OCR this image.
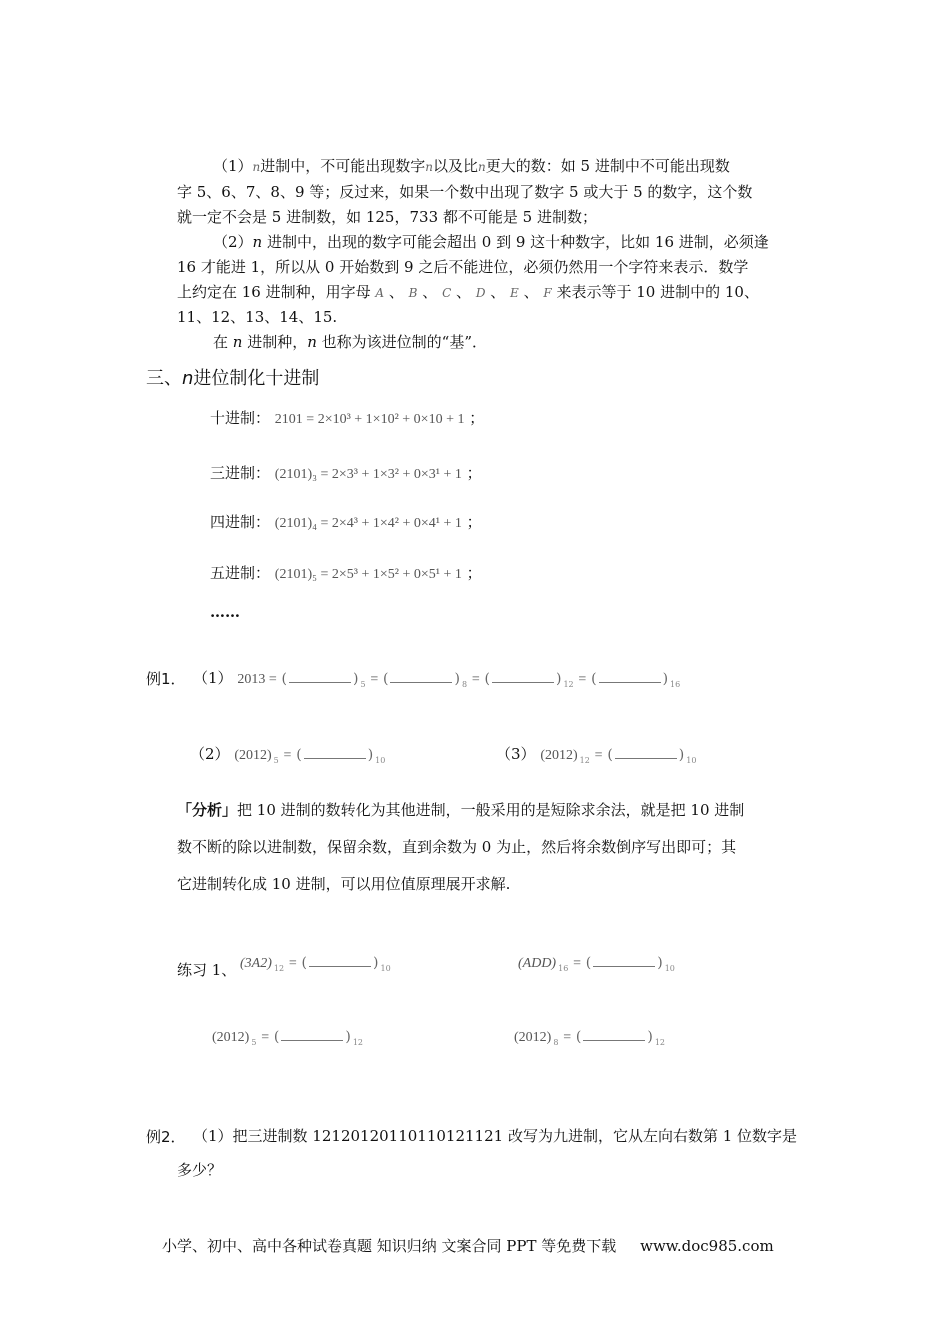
（1）n进制中，不可能出现数字n以及比n更大的数：如 5 进制中不可能出现数
字 5、6、7、8、9 等；反过来，如果一个数中出现了数字 5 或大于 5 的数字，这个数
就一定不会是 5 进制数，如 125，733 都不可能是 5 进制数；
（2）n 进制中，出现的数字可能会超出 0 到 9 这十种数字，比如 16 进制，必须逢
16 才能进 1，所以从 0 开始数到 9 之后不能进位，必须仍然用一个字符来表示．数学
上约定在 16 进制种，用字母 A 、 B 、 C 、 D 、 E 、 F 来表示等于 10 进制中的 10、
11、12、13、14、15.
在 n 进制种，n 也称为该进位制的“基”．
三、n进位制化十进制
十进制： 2101 = 2×10³ + 1×10² + 0×10 + 1 ；
三进制： (2101)₃ = 2×3³ + 1×3² + 0×3¹ + 1 ；
四进制： (2101)₄ = 2×4³ + 1×4² + 0×4¹ + 1 ；
五进制： (2101)₅ = 2×5³ + 1×5² + 0×5¹ + 1 ；
……
例1． （1） 2013 = (	) $_5$ = (	) $_8$ = (	) $_{12}$ = (	) $_{16}$
（2） (2012) $_5$ = (	) $_{10}$	（3） (2012) $_{12}$ = (	) $_{10}$
「分析」把 10 进制的数转化为其他进制，一般采用的是短除求余法，就是把 10 进制
数不断的除以进制数，保留余数，直到余数为 0 为止，然后将余数倒序写出即可；其
它进制转化成 10 进制，可以用位值原理展开求解.
练习 1、 (3A2) $_{12}$ = (	) $_{10}$	(ADD) $_{16}$ = (	) $_{10}$
(2012) $_5$ = (	) $_{12}$	(2012) $_8$ = (	) $_{12}$
例2． （1）把三进制数 12120120110110121121 改写为九进制，它从左向右数第 1 位数字是
多少？
小学、初中、高中各种试卷真题 知识归纳 文案合同 PPT 等免费下载 www.doc985.com
